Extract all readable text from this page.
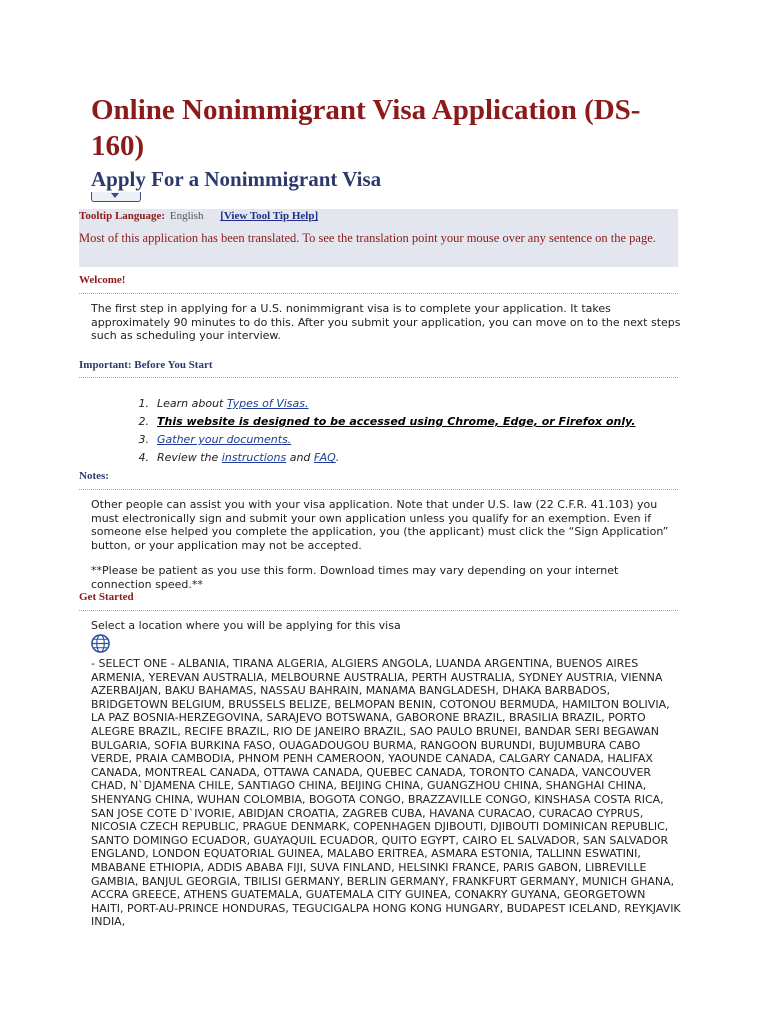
Online Nonimmigrant Visa Application (DS-160)
Apply For a Nonimmigrant Visa
Tooltip Language: English [View Tool Tip Help]
Most of this application has been translated. To see the translation point your mouse over any sentence on the page.
Welcome!
The first step in applying for a U.S. nonimmigrant visa is to complete your application. It takes approximately 90 minutes to do this. After you submit your application, you can move on to the next steps such as scheduling your interview.
Important: Before You Start
1. Learn about Types of Visas.
2. This website is designed to be accessed using Chrome, Edge, or Firefox only.
3. Gather your documents.
4. Review the instructions and FAQ.
Notes:
Other people can assist you with your visa application. Note that under U.S. law (22 C.F.R. 41.103) you must electronically sign and submit your own application unless you qualify for an exemption. Even if someone else helped you complete the application, you (the applicant) must click the “Sign Application” button, or your application may not be accepted.
**Please be patient as you use this form. Download times may vary depending on your internet connection speed.**
Get Started
Select a location where you will be applying for this visa
- SELECT ONE - ALBANIA, TIRANA ALGERIA, ALGIERS ANGOLA, LUANDA ARGENTINA, BUENOS AIRES ARMENIA, YEREVAN AUSTRALIA, MELBOURNE AUSTRALIA, PERTH AUSTRALIA, SYDNEY AUSTRIA, VIENNA AZERBAIJAN, BAKU BAHAMAS, NASSAU BAHRAIN, MANAMA BANGLADESH, DHAKA BARBADOS, BRIDGETOWN BELGIUM, BRUSSELS BELIZE, BELMOPAN BENIN, COTONOU BERMUDA, HAMILTON BOLIVIA, LA PAZ BOSNIA-HERZEGOVINA, SARAJEVO BOTSWANA, GABORONE BRAZIL, BRASILIA BRAZIL, PORTO ALEGRE BRAZIL, RECIFE BRAZIL, RIO DE JANEIRO BRAZIL, SAO PAULO BRUNEI, BANDAR SERI BEGAWAN BULGARIA, SOFIA BURKINA FASO, OUAGADOUGOU BURMA, RANGOON BURUNDI, BUJUMBURA CABO VERDE, PRAIA CAMBODIA, PHNOM PENH CAMEROON, YAOUNDE CANADA, CALGARY CANADA, HALIFAX CANADA, MONTREAL CANADA, OTTAWA CANADA, QUEBEC CANADA, TORONTO CANADA, VANCOUVER CHAD, N`DJAMENA CHILE, SANTIAGO CHINA, BEIJING CHINA, GUANGZHOU CHINA, SHANGHAI CHINA, SHENYANG CHINA, WUHAN COLOMBIA, BOGOTA CONGO, BRAZZAVILLE CONGO, KINSHASA COSTA RICA, SAN JOSE COTE D`IVORIE, ABIDJAN CROATIA, ZAGREB CUBA, HAVANA CURACAO, CURACAO CYPRUS, NICOSIA CZECH REPUBLIC, PRAGUE DENMARK, COPENHAGEN DJIBOUTI, DJIBOUTI DOMINICAN REPUBLIC, SANTO DOMINGO ECUADOR, GUAYAQUIL ECUADOR, QUITO EGYPT, CAIRO EL SALVADOR, SAN SALVADOR ENGLAND, LONDON EQUATORIAL GUINEA, MALABO ERITREA, ASMARA ESTONIA, TALLINN ESWATINI, MBABANE ETHIOPIA, ADDIS ABABA FIJI, SUVA FINLAND, HELSINKI FRANCE, PARIS GABON, LIBREVILLE GAMBIA, BANJUL GEORGIA, TBILISI GERMANY, BERLIN GERMANY, FRANKFURT GERMANY, MUNICH GHANA, ACCRA GREECE, ATHENS GUATEMALA, GUATEMALA CITY GUINEA, CONAKRY GUYANA, GEORGETOWN HAITI, PORT-AU-PRINCE HONDURAS, TEGUCIGALPA HONG KONG HUNGARY, BUDAPEST ICELAND, REYKJAVIK INDIA,
